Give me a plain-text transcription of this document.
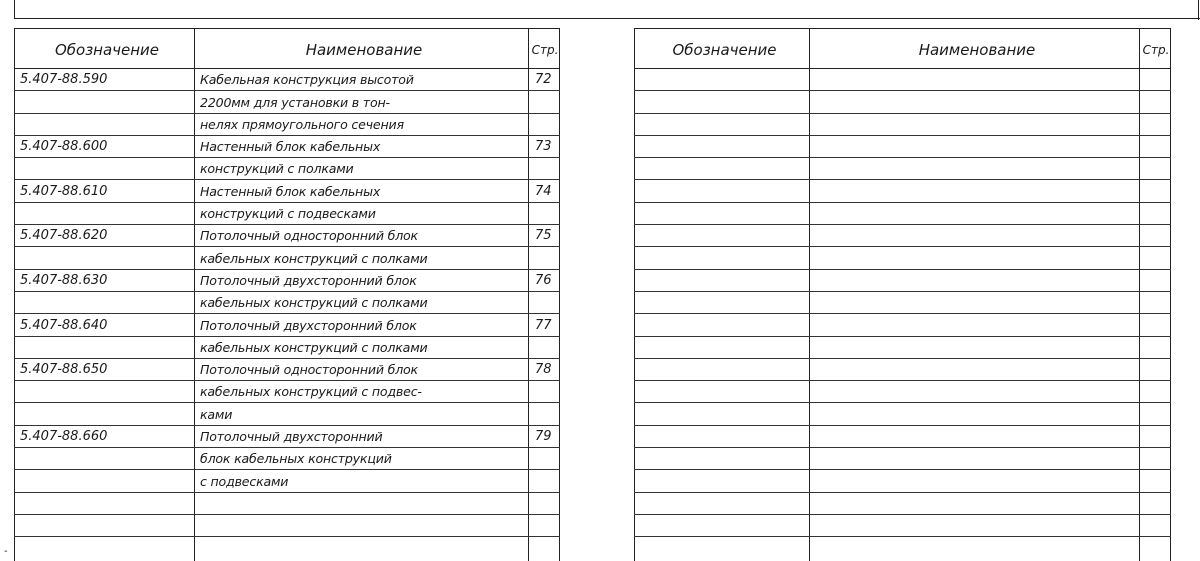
Обозначение	Наименование	Стр.
5.407-88.590	Кабельная конструкция высотой	72
	2200мм для установки в тон-	
	нелях прямоугольного сечения	
5.407-88.600	Настенный блок кабельных	73
	конструкций с полками	
5.407-88.610	Настенный блок кабельных	74
	конструкций с подвесками	
5.407-88.620	Потолочный односторонний блок	75
	кабельных конструкций с полками	
5.407-88.630	Потолочный двухсторонний блок	76
	кабельных конструкций с полками	
5.407-88.640	Потолочный двухсторонний блок	77
	кабельных конструкций с полками	
5.407-88.650	Потолочный односторонний блок	78
	кабельных конструкций с подвес-	
	ками	
5.407-88.660	Потолочный двухсторонний	79
	блок кабельных конструкций	
	с подвесками	

Обозначение	Наименование	Стр.

-
